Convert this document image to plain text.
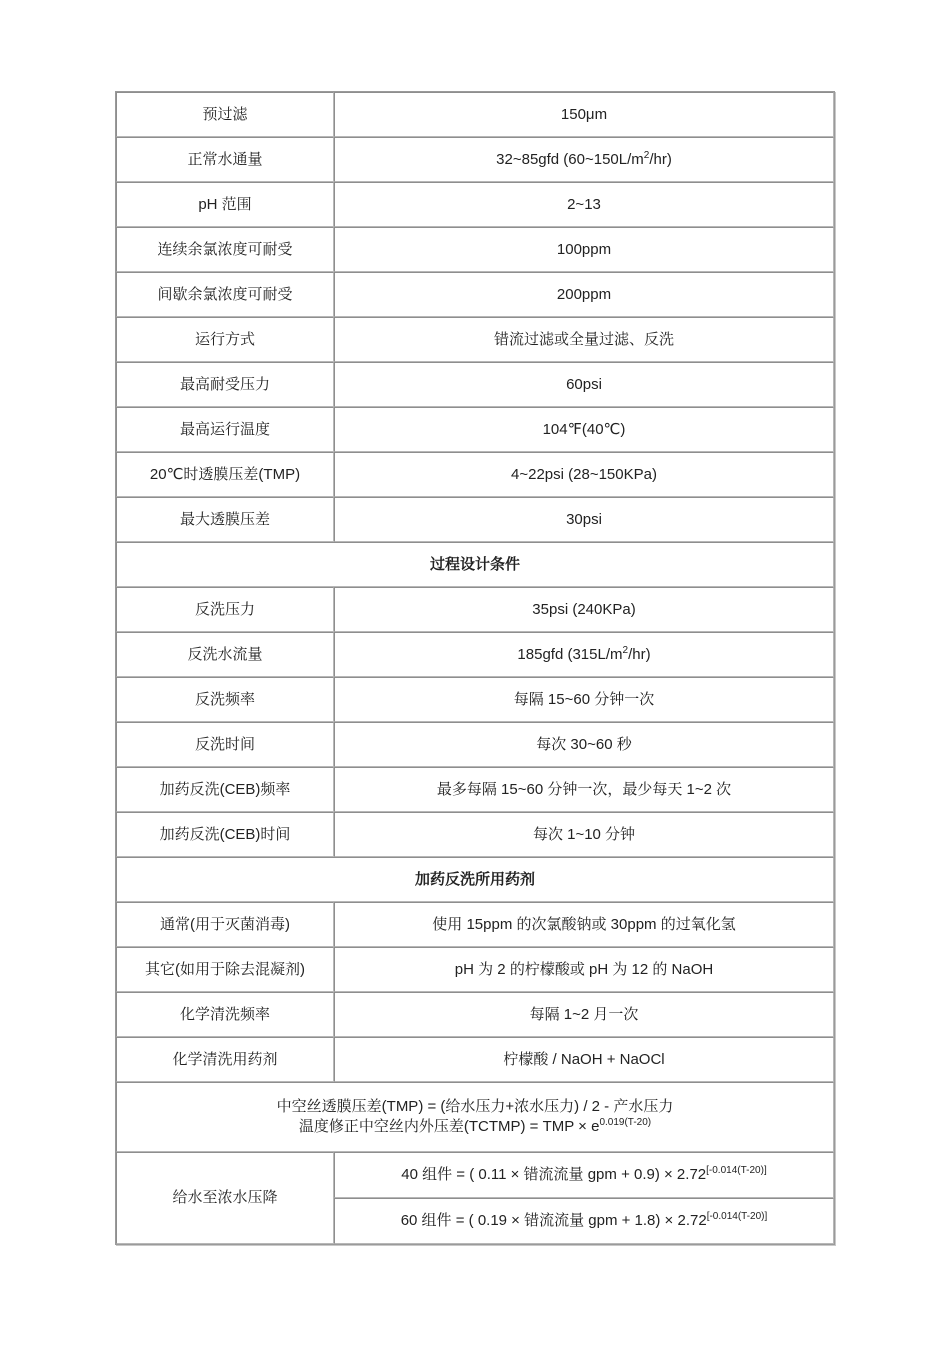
预过滤	150μm
正常水通量	32~85gfd $(60\sim 150L/m^2/hr)$
pH 范围	2~13
连续余氯浓度可耐受	100ppm
间歇余氯浓度可耐受	200ppm
运行方式	错流过滤或全量过滤、反洗
最高耐受压力	60psi
最高运行温度	104℉(40℃)
20℃时透膜压差(TMP)	4~22psi (28~150KPa)
最大透膜压差	30psi
过程设计条件	
反洗压力	35psi (240KPa)
反洗水流量	185gfd $(315L/m^2/hr)$
反洗频率	每隔 15~60 分钟一次
反洗时间	每次 30~60 秒
加药反洗(CEB)频率	最多每隔 15~60 分钟一次，最少每天 1~2 次
加药反洗(CEB)时间	每次 1~10 分钟
加药反洗所用药剂	
通常(用于灭菌消毒)	使用 15ppm 的次氯酸钠或 30ppm 的过氧化氢
其它(如用于除去混凝剂)	pH 为 2 的柠檬酸或 pH 为 12 的 NaOH
化学清洗频率	每隔 1~2 月一次
化学清洗用药剂	柠檬酸 / NaOH + NaOCl

中空丝透膜压差(TMP) = (给水压力+浓水压力) / 2 - 产水压力
温度修正中空丝内外压差(TCTMP) = TMP × $e^{0.019(T-20)}$

给水至浓水压降	40 组件 = ( 0.11 × 错流流量 gpm + 0.9) × 2.72[-0.014(T-20)]
	60 组件 = ( 0.19 × 错流流量 gpm + 1.8) × 2.72[-0.014(T-20)]
